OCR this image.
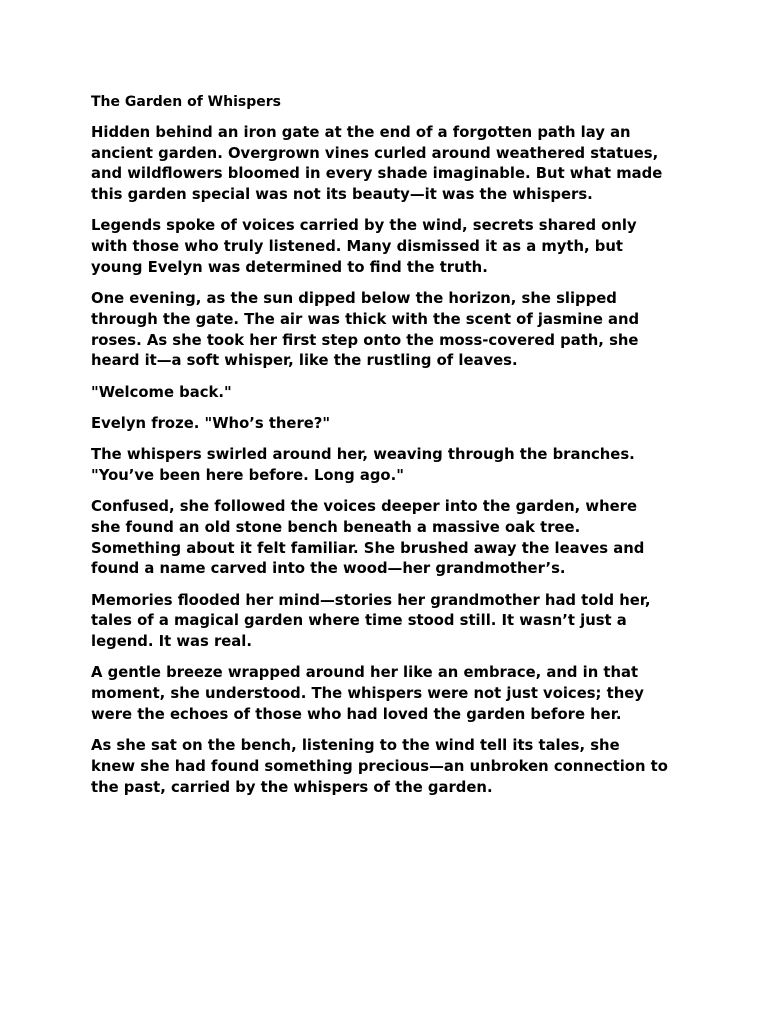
The Garden of Whispers

Hidden behind an iron gate at the end of a forgotten path lay an
ancient garden. Overgrown vines curled around weathered statues,
and wildflowers bloomed in every shade imaginable. But what made
this garden special was not its beauty—it was the whispers.

Legends spoke of voices carried by the wind, secrets shared only
with those who truly listened. Many dismissed it as a myth, but
young Evelyn was determined to find the truth.

One evening, as the sun dipped below the horizon, she slipped
through the gate. The air was thick with the scent of jasmine and
roses. As she took her first step onto the moss-covered path, she
heard it—a soft whisper, like the rustling of leaves.

"Welcome back."

Evelyn froze. "Who’s there?"

The whispers swirled around her, weaving through the branches.
"You’ve been here before. Long ago."

Confused, she followed the voices deeper into the garden, where
she found an old stone bench beneath a massive oak tree.
Something about it felt familiar. She brushed away the leaves and
found a name carved into the wood—her grandmother’s.

Memories flooded her mind—stories her grandmother had told her,
tales of a magical garden where time stood still. It wasn’t just a
legend. It was real.

A gentle breeze wrapped around her like an embrace, and in that
moment, she understood. The whispers were not just voices; they
were the echoes of those who had loved the garden before her.

As she sat on the bench, listening to the wind tell its tales, she
knew she had found something precious—an unbroken connection to
the past, carried by the whispers of the garden.
